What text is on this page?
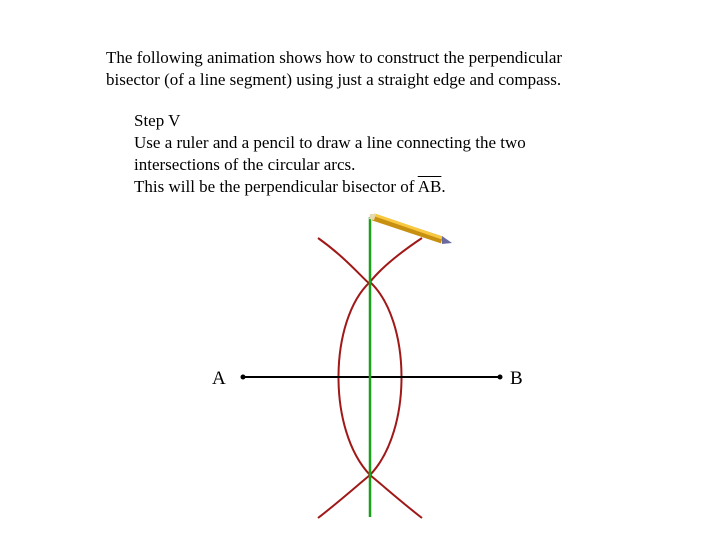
The following animation shows how to construct the perpendicular
bisector (of a line segment) using just a straight edge and compass.
Step V
Use a ruler and a pencil to draw a line connecting the two
intersections of the circular arcs.
This will be the perpendicular bisector of $\overline{AB}$.
A	B
